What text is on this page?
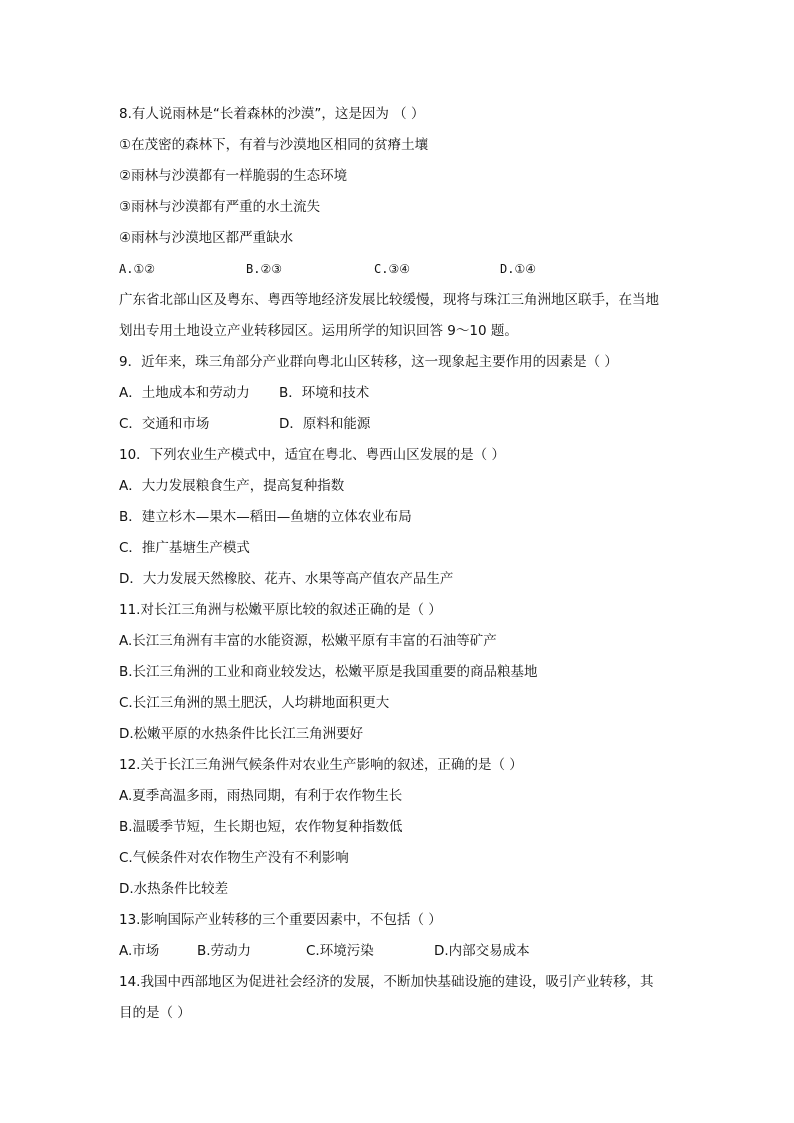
8.有人说雨林是“长着森林的沙漠”，这是因为 （ ）
①在茂密的森林下，有着与沙漠地区相同的贫瘠土壤
②雨林与沙漠都有一样脆弱的生态环境
③雨林与沙漠都有严重的水土流失
④雨林与沙漠地区都严重缺水
A.①②	B.②③	C.③④	D.①④
广东省北部山区及粤东、粤西等地经济发展比较缓慢，现将与珠江三角洲地区联手，在当地
划出专用土地设立产业转移园区。运用所学的知识回答 9～10 题。
9．近年来，珠三角部分产业群向粤北山区转移，这一现象起主要作用的因素是（ ）
A．土地成本和劳动力	B．环境和技术
C．交通和市场	D．原料和能源
10．下列农业生产模式中，适宜在粤北、粤西山区发展的是（ ）
A．大力发展粮食生产，提高复种指数
B．建立杉木—果木—稻田—鱼塘的立体农业布局
C．推广基塘生产模式
D．大力发展天然橡胶、花卉、水果等高产值农产品生产
11.对长江三角洲与松嫩平原比较的叙述正确的是（ ）
A.长江三角洲有丰富的水能资源，松嫩平原有丰富的石油等矿产
B.长江三角洲的工业和商业较发达，松嫩平原是我国重要的商品粮基地
C.长江三角洲的黑土肥沃，人均耕地面积更大
D.松嫩平原的水热条件比长江三角洲要好
12.关于长江三角洲气候条件对农业生产影响的叙述，正确的是（ ）
A.夏季高温多雨，雨热同期，有利于农作物生长
B.温暖季节短，生长期也短，农作物复种指数低
C.气候条件对农作物生产没有不利影响
D.水热条件比较差
13.影响国际产业转移的三个重要因素中，不包括（ ）
A.市场	B.劳动力	C.环境污染	D.内部交易成本
14.我国中西部地区为促进社会经济的发展，不断加快基础设施的建设，吸引产业转移，其
目的是（ ）
